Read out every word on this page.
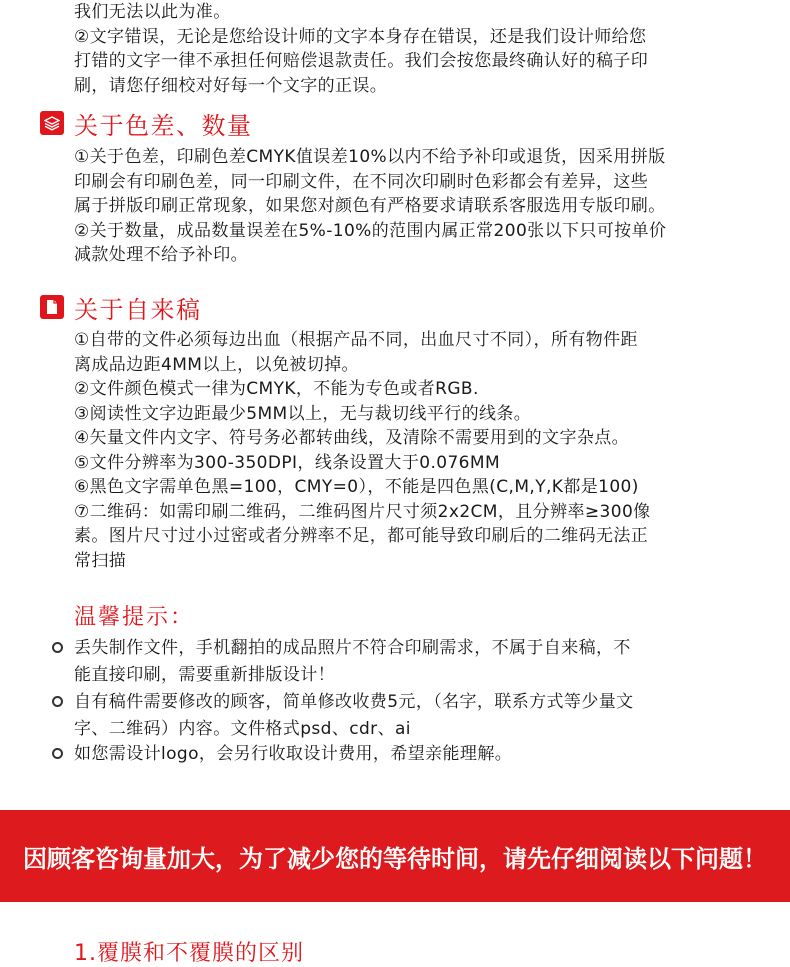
我们无法以此为准。
②文字错误，无论是您给设计师的文字本身存在错误，还是我们设计师给您
打错的文字一律不承担任何赔偿退款责任。我们会按您最终确认好的稿子印
刷，请您仔细校对好每一个文字的正误。
关于色差、数量
①关于色差，印刷色差CMYK值误差10%以内不给予补印或退货，因采用拼版
印刷会有印刷色差，同一印刷文件，在不同次印刷时色彩都会有差异，这些
属于拼版印刷正常现象，如果您对颜色有严格要求请联系客服选用专版印刷。
②关于数量，成品数量误差在5%-10%的范围内属正常200张以下只可按单价
减款处理不给予补印。
关于自来稿
①自带的文件必须每边出血（根据产品不同，出血尺寸不同），所有物件距
离成品边距4MM以上，以免被切掉。
②文件颜色模式一律为CMYK，不能为专色或者RGB.
③阅读性文字边距最少5MM以上，无与裁切线平行的线条。
④矢量文件内文字、符号务必都转曲线，及清除不需要用到的文字杂点。
⑤文件分辨率为300-350DPI，线条设置大于0.076MM
⑥黑色文字需单色黑=100，CMY=0），不能是四色黑(C,M,Y,K都是100)
⑦二维码：如需印刷二维码，二维码图片尺寸须2x2CM，且分辨率≥300像
素。图片尺寸过小过密或者分辨率不足，都可能导致印刷后的二维码无法正
常扫描
温馨提示：
丢失制作文件，手机翻拍的成品照片不符合印刷需求，不属于自来稿，不
能直接印刷，需要重新排版设计！
自有稿件需要修改的顾客，简单修改收费5元，（名字，联系方式等少量文
字、二维码）内容。文件格式psd、cdr、ai
如您需设计logo，会另行收取设计费用，希望亲能理解。
因顾客咨询量加大，为了减少您的等待时间，请先仔细阅读以下问题！
1.覆膜和不覆膜的区别
